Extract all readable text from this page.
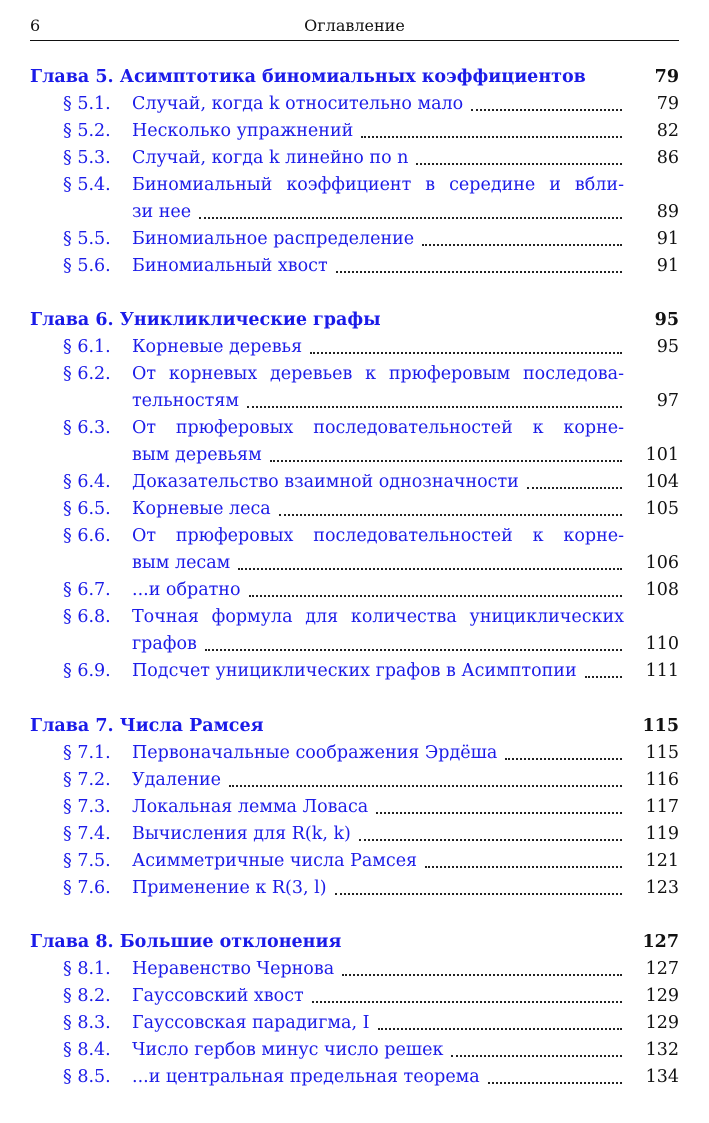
6	Оглавление
Глава 5. Асимптотика биномиальных коэффициентов	79
§ 5.1. Случай, когда k относительно мало	79
§ 5.2. Несколько упражнений	82
§ 5.3. Случай, когда k линейно по n	86
§ 5.4. Биномиальный коэффициент в середине и вбли-
зи нее	89
§ 5.5. Биномиальное распределение	91
§ 5.6. Биномиальный хвост	91
Глава 6. Уникликлические графы	95
§ 6.1. Корневые деревья	95
§ 6.2. От корневых деревьев к прюферовым последова-
тельностям	97
§ 6.3. От прюферовых последовательностей к корне-
вым деревьям	101
§ 6.4. Доказательство взаимной однозначности	104
§ 6.5. Корневые леса	105
§ 6.6. От прюферовых последовательностей к корне-
вым лесам	106
§ 6.7. ...и обратно	108
§ 6.8. Точная формула для количества уницикличеcких
графов	110
§ 6.9. Подсчет уницикличеcких графов в Асимптопии	111
Глава 7. Числа Рамсея	115
§ 7.1. Первоначальные соображения Эрдёша	115
§ 7.2. Удаление	116
§ 7.3. Локальная лемма Ловаса	117
§ 7.4. Вычисления для R(k, k)	119
§ 7.5. Асимметричные числа Рамсея	121
§ 7.6. Применение к R(3, l)	123
Глава 8. Большие отклонения	127
§ 8.1. Неравенство Чернова	127
§ 8.2. Гауссовский хвост	129
§ 8.3. Гауссовская парадигма, I	129
§ 8.4. Число гербов минус число решек	132
§ 8.5. ...и центральная предельная теорема	134
